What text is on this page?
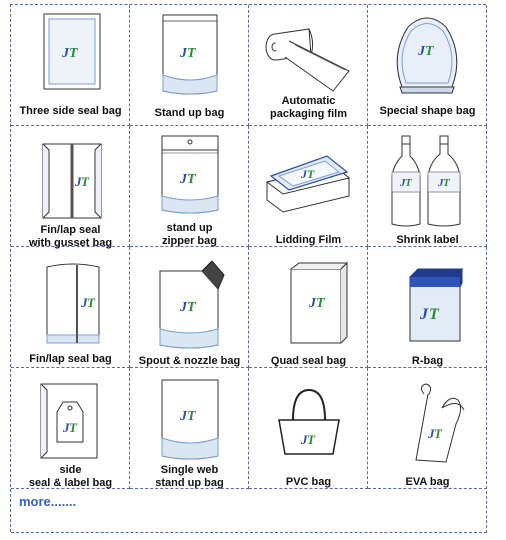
J T
Three side seal bag
J T
Stand up bag
Automatic
packaging film
J T
Special shape bag
J T
Fin/lap seal
with gusset bag
J T
stand up
zipper bag
J T
Lidding Film
J T J T
Shrink label
J T
Fin/lap seal bag
J T
Spout & nozzle bag
J T
Quad seal bag
J T
R-bag
J T
side
seal & label bag
J T
Single web
stand up bag
J T
PVC bag
J T
EVA bag
more.......
